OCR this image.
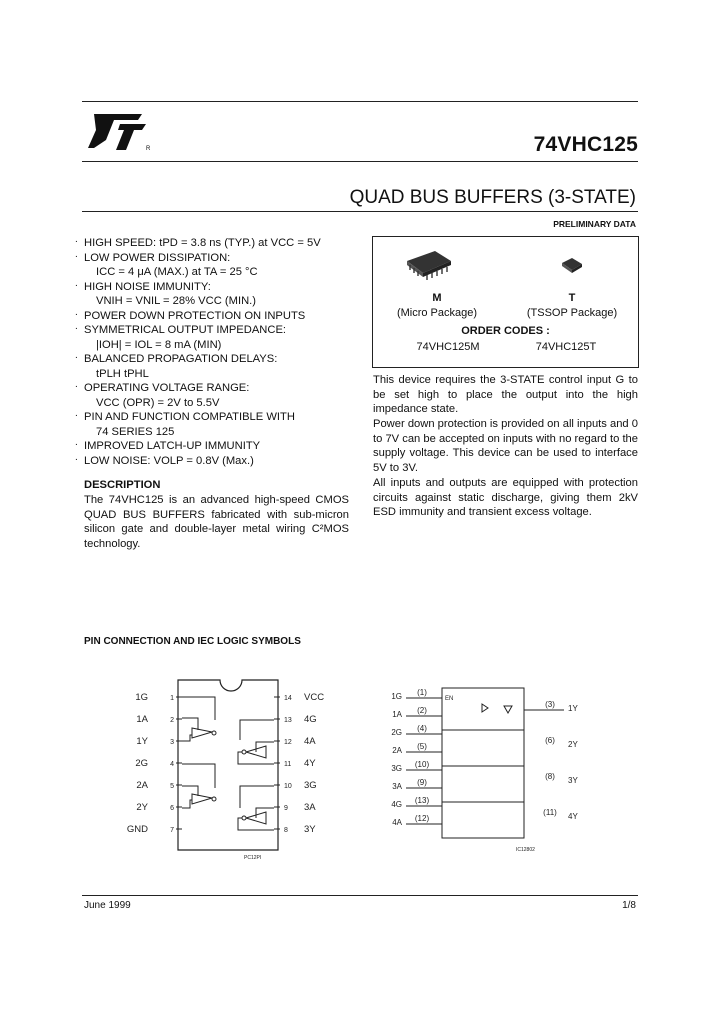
R	74VHC125
QUAD BUS BUFFERS (3-STATE)
PRELIMINARY DATA
. HIGH SPEED: tPD = 3.8 ns (TYP.) at VCC = 5V
. LOW POWER DISSIPATION:
ICC = 4 μA (MAX.) at TA = 25 °C
. HIGH NOISE IMMUNITY:
VNIH = VNIL = 28% VCC (MIN.)
. POWER DOWN PROTECTION ON INPUTS
. SYMMETRICAL OUTPUT IMPEDANCE:
|IOH| = IOL = 8 mA (MIN)
. BALANCED PROPAGATION DELAYS:
tPLH tPHL
. OPERATING VOLTAGE RANGE:
VCC (OPR) = 2V to 5.5V
. PIN AND FUNCTION COMPATIBLE WITH
74 SERIES 125
. IMPROVED LATCH-UP IMMUNITY
. LOW NOISE: VOLP = 0.8V (Max.)
DESCRIPTION
The 74VHC125 is an advanced high-speed CMOS QUAD BUS BUFFERS fabricated with sub-micron silicon gate and double-layer metal wiring C²MOS technology.
M
(Micro Package)
T
(TSSOP Package)
ORDER CODES :
74VHC125M	74VHC125T
This device requires the 3-STATE control input G to be set high to place the output into the high impedance state.
Power down protection is provided on all inputs and 0 to 7V can be accepted on inputs with no regard to the supply voltage. This device can be used to interface 5V to 3V.
All inputs and outputs are equipped with protection circuits against static discharge, giving them 2kV ESD immunity and transient excess voltage.
PIN CONNECTION AND IEC LOGIC SYMBOLS
1G	1
1A	2
1Y	3
2G	4
2A	5
2Y	6
GND	7
14 VCC
13 4G
12 4A
11 4Y
10 3G
9 3A
8 3Y
PC12PI
EN
1G (1)
1A (2)
2G (4)
2A (5)
3G (10)
3A (9)
4G (13)
4A (12)
(3) 1Y
(6) 2Y
(8) 3Y
(11) 4Y
IC12802
June 1999	1/8
